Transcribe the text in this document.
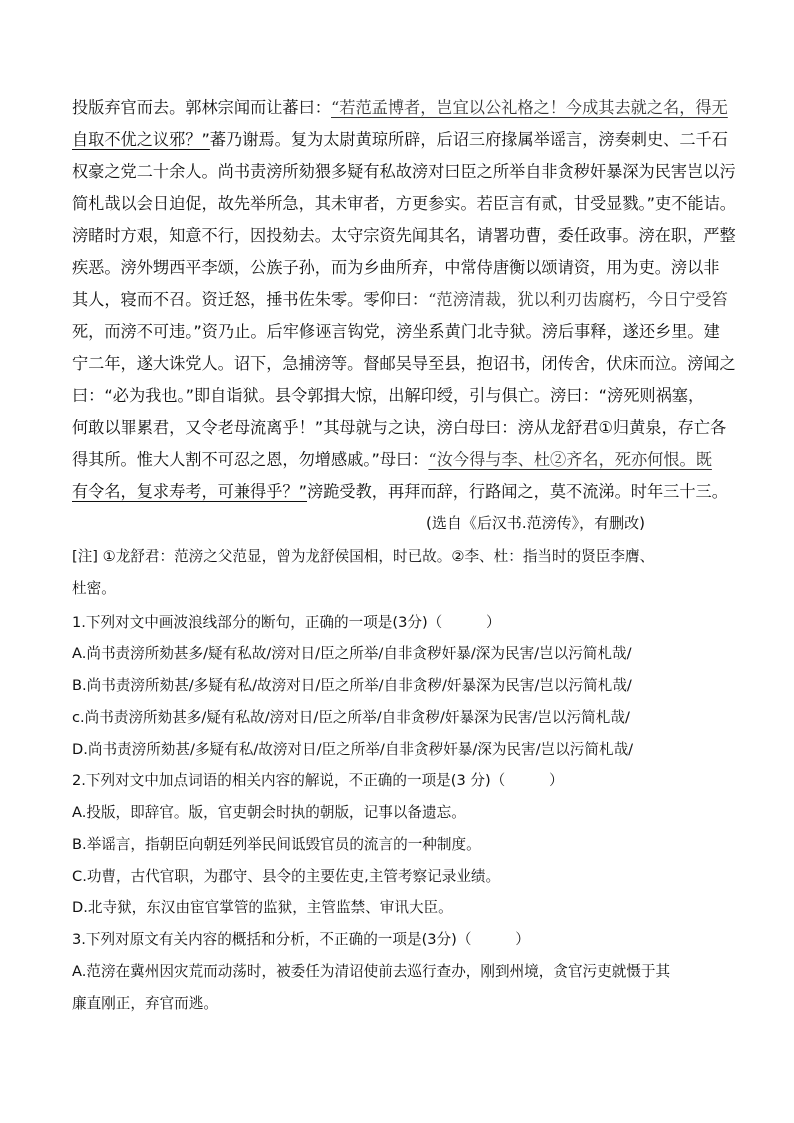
投版弃官而去。郭林宗闻而让蕃曰：“若范孟博者，岂宜以公礼格之！今成其去就之名，得无
自取不优之议邪？”蕃乃谢焉。复为太尉黄琼所辟，后诏三府掾属举谣言，滂奏刺史、二千石
权豪之党二十余人。尚书责滂所劾猥多疑有私故滂对曰臣之所举自非贪秽奸暴深为民害岂以污
简札哉以会日迫促，故先举所急，其未审者，方更参实。若臣言有贰，甘受显戮。”吏不能诘。
滂睹时方艰，知意不行，因投劾去。太守宗资先闻其名，请署功曹，委任政事。滂在职，严整
疾恶。滂外甥西平李颂，公族子孙，而为乡曲所弃，中常侍唐衡以颂请资，用为吏。滂以非
其人，寝而不召。资迁怒，捶书佐朱零。零仰曰：“范滂清裁，犹以利刃齿腐朽，今日宁受笞
死，而滂不可违。”资乃止。后牢修诬言钩党，滂坐系黄门北寺狱。滂后事释，遂还乡里。建
宁二年，遂大诛党人。诏下，急捕滂等。督邮吴导至县，抱诏书，闭传舍，伏床而泣。滂闻之
曰：“必为我也。”即自诣狱。县令郭揖大惊，出解印绶，引与俱亡。滂曰：“滂死则祸塞，
何敢以罪累君，又令老母流离乎！”其母就与之诀，滂白母曰：滂从龙舒君①归黄泉，存亡各
得其所。惟大人割不可忍之恩，勿增感戚。”母曰：“汝今得与李、杜②齐名，死亦何恨。既
有令名，复求寿考，可兼得乎？”滂跪受教，再拜而辞，行路闻之，莫不流涕。时年三十三。
(选自《后汉书.范滂传》，有删改)
[注] ①龙舒君：范滂之父范显，曾为龙舒侯国相，时已故。②李、杜：指当时的贤臣李膺、
杜密。
1.下列对文中画波浪线部分的断句，正确的一项是(3分)（　　　）
A.尚书责滂所劾甚多/疑有私故/滂对日/臣之所举/自非贪秽奸暴/深为民害/岂以污简札哉/
B.尚书责滂所劾甚/多疑有私/故滂对日/臣之所举/自非贪秽/奸暴深为民害/岂以污简札哉/
c.尚书责滂所劾甚多/疑有私故/滂对日/臣之所举/自非贪秽/奸暴深为民害/岂以污简札哉/
D.尚书责滂所劾甚/多疑有私/故滂对日/臣之所举/自非贪秽奸暴/深为民害/岂以污简札哉/
2.下列对文中加点词语的相关内容的解说，不正确的一项是(3 分)（　　　）
A.投版，即辞官。版，官吏朝会时执的朝版，记事以备遗忘。
B.举谣言，指朝臣向朝廷列举民间诋毁官员的流言的一种制度。
C.功曹，古代官职，为郡守、县令的主要佐吏,主管考察记录业绩。
D.北寺狱，东汉由宦官掌管的监狱，主管监禁、审讯大臣。
3.下列对原文有关内容的概括和分析，不正确的一项是(3分)（　　　）
A.范滂在冀州因灾荒而动荡时，被委任为清诏使前去巡行查办，刚到州境，贪官污吏就慑于其
廉直刚正，弃官而逃。
